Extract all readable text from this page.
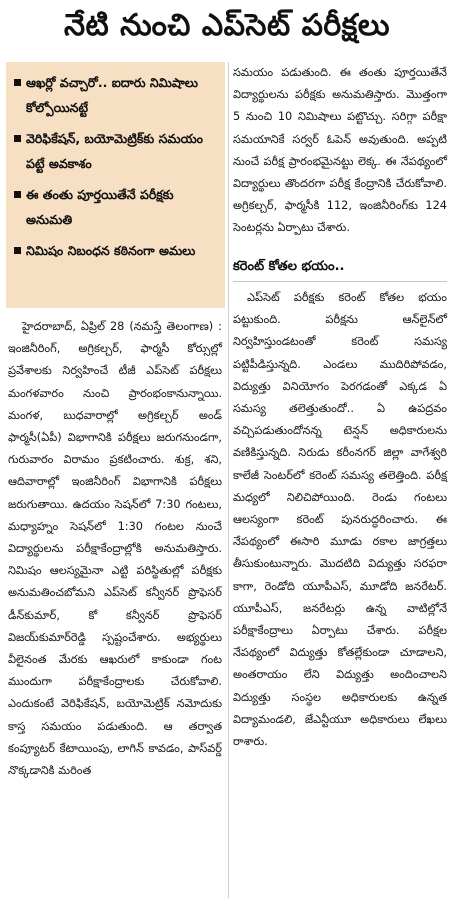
నేటి నుంచి ఎప్‌సెట్ పరీక్షలు
ఆఖర్లో వచ్చారో.. ఐదారు నిమిషాలు కోల్పోయినట్టే
వెరిఫికేషన్, బయోమెట్రిక్‌కు సమయం పట్టే అవకాశం
ఈ తంతు పూర్తయితేనే పరీక్షకు అనుమతి
నిమిషం నిబంధన కఠినంగా అమలు

హైదరాబాద్, ఏప్రిల్ 28 (నమస్తే తెలంగాణ) : ఇంజినీరింగ్, అగ్రికల్చర్, ఫార్మసీ కోర్సుల్లో ప్రవేశాలకు నిర్వహించే టీజీ ఎప్‌సెట్ పరీక్షలు మంగళవారం నుంచి ప్రారంభంకానున్నాయి. మంగళ, బుధవారాల్లో అగ్రికల్చర్ అండ్ ఫార్మసీ(ఏపీ) విభాగానికి పరీక్షలు జరుగనుండగా, గురువారం విరామం ప్రకటించారు. శుక్ర, శని, ఆదివారాల్లో ఇంజినీరింగ్ విభాగానికి పరీక్షలు జరుగుతాయి. ఉదయం సెషన్‌లో 7:30 గంటలు, మధ్యాహ్నం సెషన్‌లో 1:30 గంటల నుంచే విద్యార్థులను పరీక్షాకేంద్రాల్లోకి అనుమతిస్తారు. నిమిషం ఆలస్యమైనా ఎట్టి పరిస్థితుల్లో పరీక్షకు అనుమతించబోమని ఎప్‌సెట్ కన్వీనర్ ప్రొఫెసర్ డీన్‌కుమార్, కో కన్వీనర్ ప్రొఫెసర్ విజయ్‌కుమార్‌రెడ్డి స్పష్టంచేశారు. అభ్యర్థులు వీలైనంత మేరకు ఆఖరులో కాకుండా గంట ముందుగా పరీక్షాకేంద్రాలకు చేరుకోవాలి. ఎందుకంటే వెరిఫికేషన్, బయోమెట్రిక్ నమోదుకు కాస్త సమయం పడుతుంది. ఆ తర్వాత కంప్యూటర్ కేటాయింపు, లాగిన్ కావడం, పాస్‌వర్డ్ నొక్కడానికి మరింత

సమయం పడుతుంది. ఈ తంతు పూర్తయితేనే విద్యార్థులను పరీక్షకు అనుమతిస్తారు. మొత్తంగా 5 నుంచి 10 నిమిషాలు పట్టొచ్చు. సరిగ్గా పరీక్షా సమయానికే సర్వర్ ఓపెన్ అవుతుంది. అప్పటి నుంచే పరీక్ష ప్రారంభమైనట్టు లెక్క. ఈ నేపథ్యంలో విద్యార్థులు తొందరగా పరీక్ష కేంద్రానికి చేరుకోవాలి. అగ్రికల్చర్, ఫార్మసీకి 112, ఇంజినీరింగ్‌కు 124 సెంటర్లను ఏర్పాటు చేశారు.

కరెంట్ కోతల భయం..

ఎప్‌సెట్ పరీక్షకు కరెంట్ కోతల భయం పట్టుకుంది. పరీక్షను ఆన్‌లైన్‌లో నిర్వహిస్తుండటంతో కరెంట్ సమస్య పట్టిపీడిస్తున్నది. ఎండలు ముదిరిపోవడం, విద్యుత్తు వినియోగం పెరగడంతో ఎక్కడ ఏ సమస్య తలెత్తుతుందో.. ఏ ఉపద్రవం వచ్చిపడుతుందోనన్న టెన్షన్ అధికారులను వణికిస్తున్నది. నిరుడు కరీంనగర్ జిల్లా వాగేశ్వరి కాలేజీ సెంటర్‌లో కరెంట్ సమస్య తలెత్తింది. పరీక్ష మధ్యలో నిలిచిపోయింది. రెండు గంటలు ఆలస్యంగా కరెంట్ పునరుద్ధరించారు. ఈ నేపథ్యంలో ఈసారి మూడు రకాల జాగ్రత్తలు తీసుకుంటున్నారు. మొదటిది విద్యుత్తు సరఫరా కాగా, రెండోది యూపీఎస్, మూడోది జనరేటర్. యూపీఎస్, జనరేటర్లు ఉన్న వాటిల్లోనే పరీక్షాకేంద్రాలు ఏర్పాటు చేశారు. పరీక్షల నేపథ్యంలో విద్యుత్తు కోతల్లేకుండా చూడాలని, అంతరాయం లేని విద్యుత్తు అందించాలని విద్యుత్తు సంస్థల అధికారులకు ఉన్నత విద్యామండలి, జేఎన్టీయూ అధికారులు లేఖలు రాశారు.
